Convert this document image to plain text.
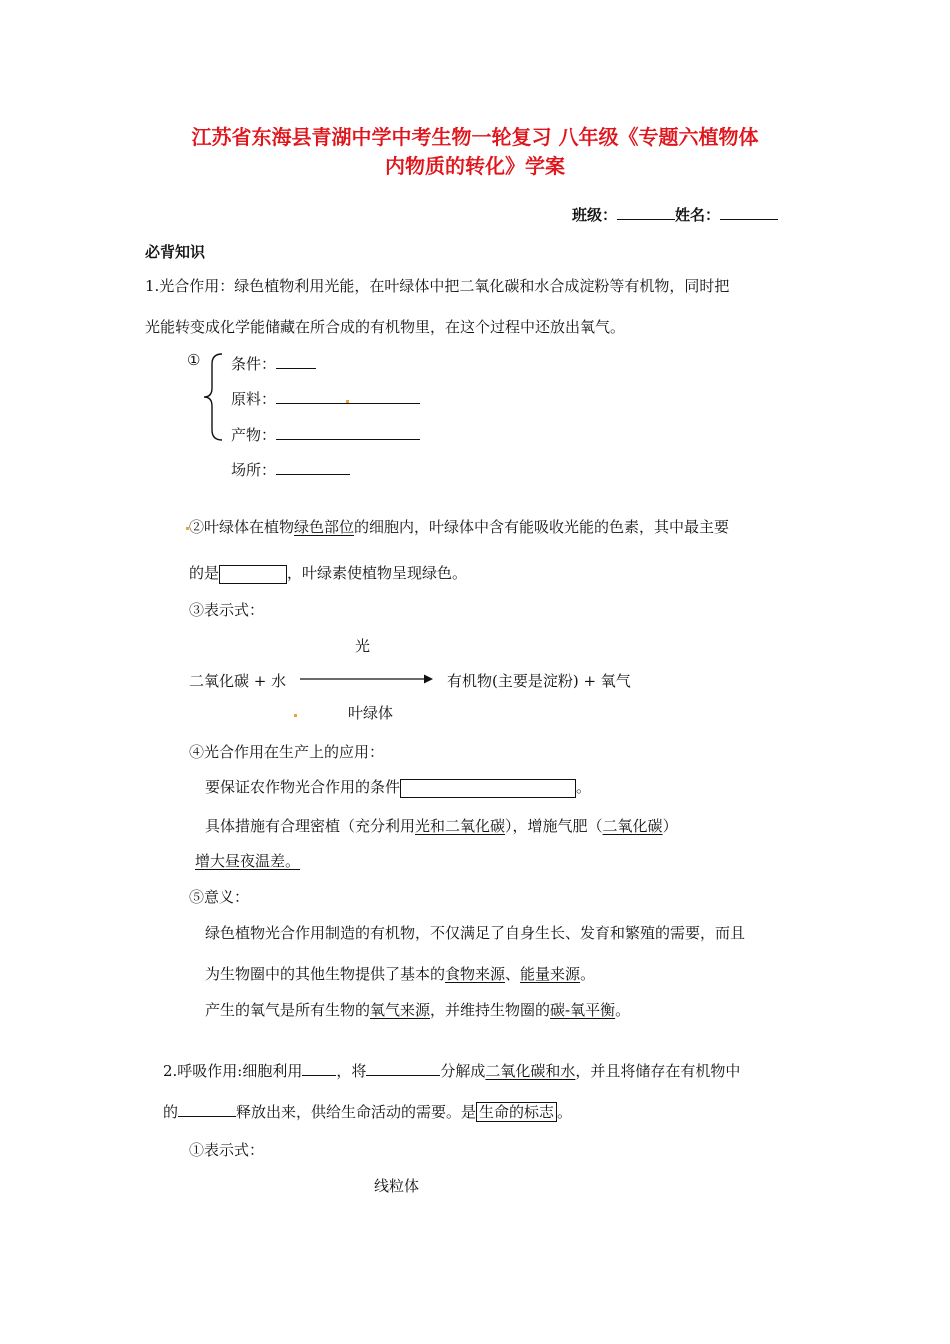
江苏省东海县青湖中学中考生物一轮复习 八年级《专题六植物体
内物质的转化》学案
班级：	姓名：
必背知识
1.光合作用：绿色植物利用光能，在叶绿体中把二氧化碳和水合成淀粉等有机物，同时把
光能转变成化学能储藏在所合成的有机物里，在这个过程中还放出氧气。
① 条件：
原料：
产物：
场所：
②叶绿体在植物绿色部位的细胞内，叶绿体中含有能吸收光能的色素，其中最主要
的是	，叶绿素使植物呈现绿色。
③表示式：
光
二氧化碳 + 水	有机物(主要是淀粉) + 氧气
叶绿体
④光合作用在生产上的应用：
要保证农作物光合作用的条件	。
具体措施有合理密植（充分利用光和二氧化碳），增施气肥（二氧化碳）
增大昼夜温差。
⑤意义：
绿色植物光合作用制造的有机物，不仅满足了自身生长、发育和繁殖的需要，而且
为生物圈中的其他生物提供了基本的食物来源、能量来源。
产生的氧气是所有生物的氧气来源，并维持生物圈的碳-氧平衡。
2.呼吸作用:细胞利用 ，将	分解成二氧化碳和水，并且将储存在有机物中
的	释放出来，供给生命活动的需要。是 生命的标志 。
①表示式：
线粒体
